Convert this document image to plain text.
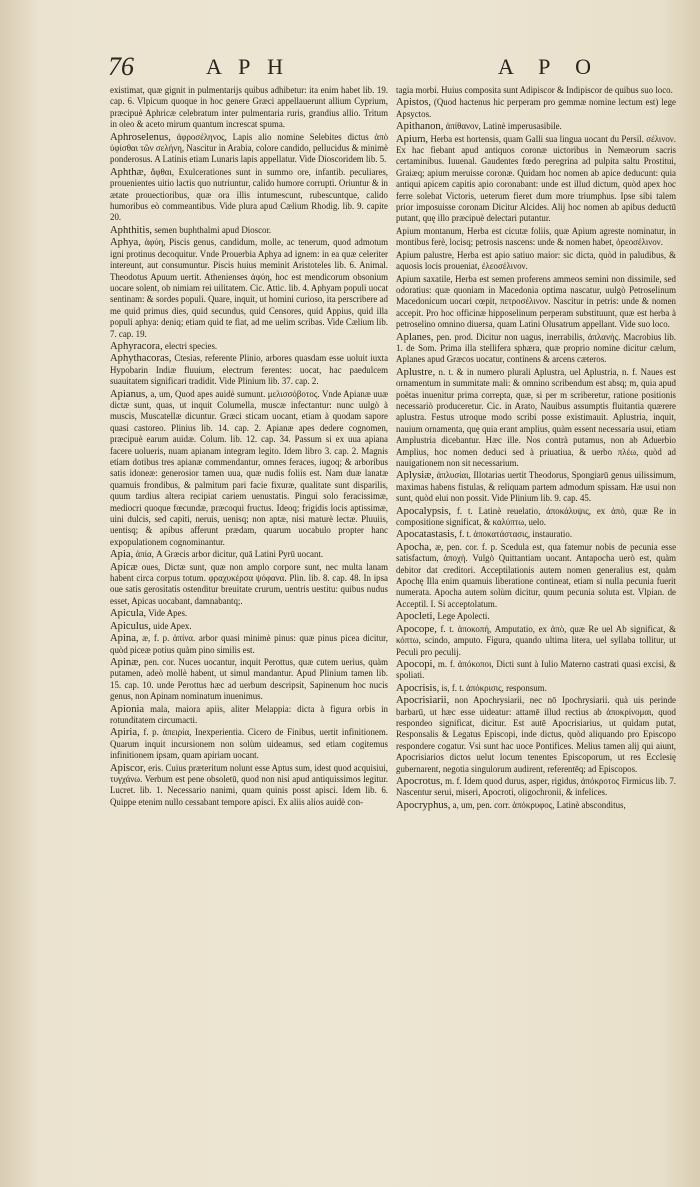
76	A P H	A P O

existimat, quæ gignit in pulmentarijs quibus adhibetur: ita enim habet lib. 19. cap. 6. Vlpicum quoque in hoc genere Græci appellauerunt allium Cyprium, præcipuè Aphricæ celebratum inter pulmentaria ruris, grandius allio. Tritum in oleo & aceto mirum quantum increscat spuma.

Aphroselenus, ἀφροσέληνος, Lapis alio nomine Selebites dictus ἀπὸ ὑφίσθαι τῶν σελήνη, Nascitur in Arabia, colore candido, pellucidus & minimè ponderosus. A Latinis etiam Lunaris lapis appellatur. Vide Dioscoridem lib. 5.

Aphthæ, ἄφθαι, Exulcerationes sunt in summo ore, infantib. peculiares, prouenientes uitio lactis quo nutriuntur, calido humore corrupti. Oriuntur & in ætate prouectioribus, quæ ora illis intumescunt, rubescuntque, calido humoribus eò commeantibus. Vide plura apud Cælium Rhodig. lib. 9. capite 20.

Aphthitis, semen buphthalmi apud Dioscor.

Aphya, ἀφύη, Piscis genus, candidum, molle, ac tenerum, quod admotum igni protinus decoquitur. Vnde Prouerbia Aphya ad ignem: in ea quæ celeriter intereunt, aut consumuntur. Piscis huius meminit Aristoteles lib. 6. Animal. Theodotus Apuum uertit. Athenienses ἀφύη, hoc est mendicorum obsonium uocare solent, ob nimiam rei uilitatem. Cic. Attic. lib. 4. Aphyam populi uocat sentinam: & sordes populi. Quare, inquit, ut homini curioso, ita perscribere ad me quid primus dies, quid secundus, quid Censores, quid Appius, quid illa populi aphya: deniq; etiam quid te fiat, ad me uelim scribas. Vide Cælium lib. 7. cap. 19.

Aphyracora, electri species.

Aphythacoras, Ctesias, referente Plinio, arbores quasdam esse uoluit iuxta Hypobarin Indiæ fluuium, electrum ferentes: uocat, hac paedulcem suauitatem significari tradidit. Vide Plinium lib. 37. cap. 2.

Apianus, a, um, Quod apes auidè sumunt. μελισσόβοτος. Vnde Apianæ uuæ dictæ sunt, quas, ut inquit Columella, muscæ infectantur: nunc uulgò à muscis, Muscatellæ dicuntur. Græci sticam uocant, etiam à quodam sapore quasi castoreo. Plinius lib. 14. cap. 2. Apianæ apes dedere cognomen, præcipuè earum auidæ. Colum. lib. 12. cap. 34. Passum si ex uua apiana facere uolueris, nuam apianam integram legito. Idem libro 3. cap. 2. Magnis etiam dotibus tres apianæ commendantur, omnes feraces, iugoq; & arboribus satis idoneæ: generosior tamen uua, quæ nudis foliis est. Nam duæ lanatæ quamuis frondibus, & palmitum pari facie fixuræ, qualitate sunt disparilis, quum tardius altera recipiat cariem uenustatis. Pinguì solo feracissimæ, mediocri quoque fœcundæ, præcoqui fructus. Ideoq; frigidis locis aptissimæ, uini dulcis, sed capiti, neruis, uenisq; non aptæ, nisi maturè lectæ. Pluuiis, uentisq; & apibus afferunt prædam, quarum uocabulo propter hanc expopulationem cognominantur.

Apia, ἀπία, A Græcis arbor dicitur, quā Latini Pyrū uocant.

Apicæ oues, Dictæ sunt, quæ non amplo corpore sunt, nec multa lanam habent circa corpus totum. φραχυκέρσα ψόφανα. Plin. lib. 8. cap. 48. In ipsa oue satis gerositatis ostenditur breuitate crurum, uentris uestitu: quibus nudus esset, Apicas uocabant, damnabantq;.

Apicula, Vide Apes.

Apiculus, uide Apex.

Apina, æ, f. p. ἀπίνα. arbor quasi minimè pinus: quæ pinus picea dicitur, quòd piceæ potius quàm pino similis est.

Apinæ, pen. cor. Nuces uocantur, inquit Perottus, quæ cutem uerius, quàm putamen, adeò mollè habent, ut simul mandantur. Apud Plinium tamen lib. 15. cap. 10. unde Perottus hæc ad uerbum descripsit, Sapinenum hoc nucis genus, non Apinam nominatum inuenimus.

Apionia mala, maiora apiis, aliter Melappia: dicta à figura orbis in rotunditatem circumacti.

Apiria, f. p. ἀπειρία, Inexperientia. Cicero de Finibus, uertit infinitionem. Quarum inquit incursionem non solùm uideamus, sed etiam cogitemus infinitionem ipsam, quam apiriam uocant.

Apiscor, eris. Cuius præteritum nolunt esse Aptus sum, idest quod acquisiui, τυγχάνω. Verbum est pene obsoletū, quod non nisi apud antiquissimos legitur. Lucret. lib. 1. Necessario nanimi, quam quinis posst apisci. Idem lib. 6. Quippe etenim nullo cessabant tempore apisci. Ex aliis alios auidè con-

tagia morbi. Huius composita sunt Adipiscor & Indipiscor de quibus suo loco.

Apistos, (Quod hactenus hic perperam pro gemmæ nomine lectum est) lege Apsyctos.

Apithanon, ἀπίθανον, Latinè imperusasibile.

Apium, Herba est hortensis, quam Galli sua lingua uocant du Persil. σέλινον. Ex hac fiebant apud antiquos coronæ uictoribus in Nemæorum sacris certaminibus. Iuuenal. Gaudentes fœdo peregrina ad pulpita saltu Prostitui, Graiæq; apium meruisse coronæ. Quidam hoc nomen ab apice deducunt: quia antiqui apicem capitis apio coronabant: unde est illud dictum, quòd apex hoc ferre solebat Victoris, ueterum fieret dum more triumphus. Ipse sibi talem prior imposuisse coronam Dicitur Alcides. Alij hoc nomen ab apibus deductū putant, quę illo præcipuè delectari putantur.

Apium montanum, Herba est cicutæ foliis, quæ Apium agreste nominatur, in montibus ferè, locisq; petrosis nascens: unde & nomen habet, ὀρεοσέλινον.

Apium palustre, Herba est apio satiuo maior: sic dicta, quòd in paludibus, & aquosis locis proueniat, ἐλεοσέλινον.

Apium saxatile, Herba est semen proferens ammeos semini non dissimile, sed odoratius: quæ quoniam in Macedonia optima nascatur, uulgò Petroselinum Macedonicum uocari cœpit, πετροσέλινον. Nascitur in petris: unde & nomen accepit. Pro hoc officinæ hipposelinum perperam substituunt, quæ est herba à petroselino omnino diuersa, quam Latini Olusatrum appellant. Vide suo loco.

Aplanes, pen. prod. Dicitur non uagus, inerrabilis, ἀπλανὴς. Macrobius lib. 1. de Som. Prima illa stellifera sphæra, quæ proprio nomine dicitur cælum, Aplanes apud Græcos uocatur, continens & arcens cæteros.

Aplustre, n. t. & in numero plurali Aplustra, uel Aplustria, n. f. Naues est ornamentum in summitate mali: & omnino scribendum est absq; m, quia apud poëtas inuenitur prima correpta, quæ, si per m scriberetur, ratione positionis necessariò produceretur. Cic. in Arato, Nauibus assumptis fluitantia quærere aplustra. Festus utroque modo scribi posse existimauit. Aplustria, inquit, nauium ornamenta, quę quia erant amplius, quàm essent necessaria usui, etiam Amplustria dicebantur. Hæc ille. Nos contrà putamus, non ab Aduerbio Amplius, hoc nomen deduci sed à priuatiua, & uerbo πλέω, quòd ad nauigationem non sit necessarium.

Aplysiæ, ἀπλυσίαι, Illotarias uertit Theodorus, Spongiarū genus uilissimum, maximas habens fistulas, & reliquam partem admodum spissam. Hæ usui non sunt, quòd elui non possit. Vide Plinium lib. 9. cap. 45.

Apocalypsis, f. t. Latinè reuelatio, ἀποκάλυψις, ex ἀπὸ, quæ Re in compositione significat, & καλύπτω, uelo.

Apocatastasis, f. t. ἀποκατάστασις, instauratio.

Apocha, æ, pen. cor. f. p. Scedula est, qua fatemur nobis de pecunia esse satisfactum, ἀποχὴ. Vulgò Quittantiam uocant. Antapocha uerò est, quàm debitor dat creditori. Acceptilationis autem nomen generalius est, quàm Apochę Illa enim quamuis liberatione contineat, etiam si nulla pecunia fuerit numerata. Apocha autem solùm dicitur, quum pecunia soluta est. Vlpian. de Acceptil. I. Si acceptolatum.

Apocleti, Lege Apolecti.

Apocope, f. t. ἀποκοπή, Amputatio, ex ἀπὸ, quæ Re uel Ab significat, & κόπτω, scindo, amputo. Figura, quando ultima litera, uel syllaba tollitur, ut Peculi pro peculij.

Apocopi, m. f. ἀπόκοποι, Dicti sunt à Iulio Materno castrati quasi excisi, & spoliati.

Apocrisis, is, f. t. ἀπόκρισις, responsum.

Apocrisiarii, non Apochrysiarii, nec nō Ipochrysiarii. quà uis perinde barbarū, ut hæc esse uideatur: attamē illud rectius ab ἀποκρίνομαι, quod respondeo significat, dicitur. Est autē Apocrisiarius, ut quidam putat, Responsalis & Legatus Episcopi, inde dictus, quòd aliquando pro Episcopo respondere cogatur. Vsi sunt hac uoce Pontifices. Melius tamen alij qui aiunt, Apocrisiarios dictos uelut locum tenentes Episcoporum, ut res Ecclesię gubernarent, negotia singulorum audirent, referentēq; ad Episcopos.

Apocrotus, m. f. Idem quod durus, asper, rigidus, ἀπόκροτος Firmicus lib. 7. Nascentur serui, miseri, Apocroti, oligochronii, & infelices.

Apocryphus, a, um, pen. corr. ἀπόκρυφος, Latinè absconditus,
